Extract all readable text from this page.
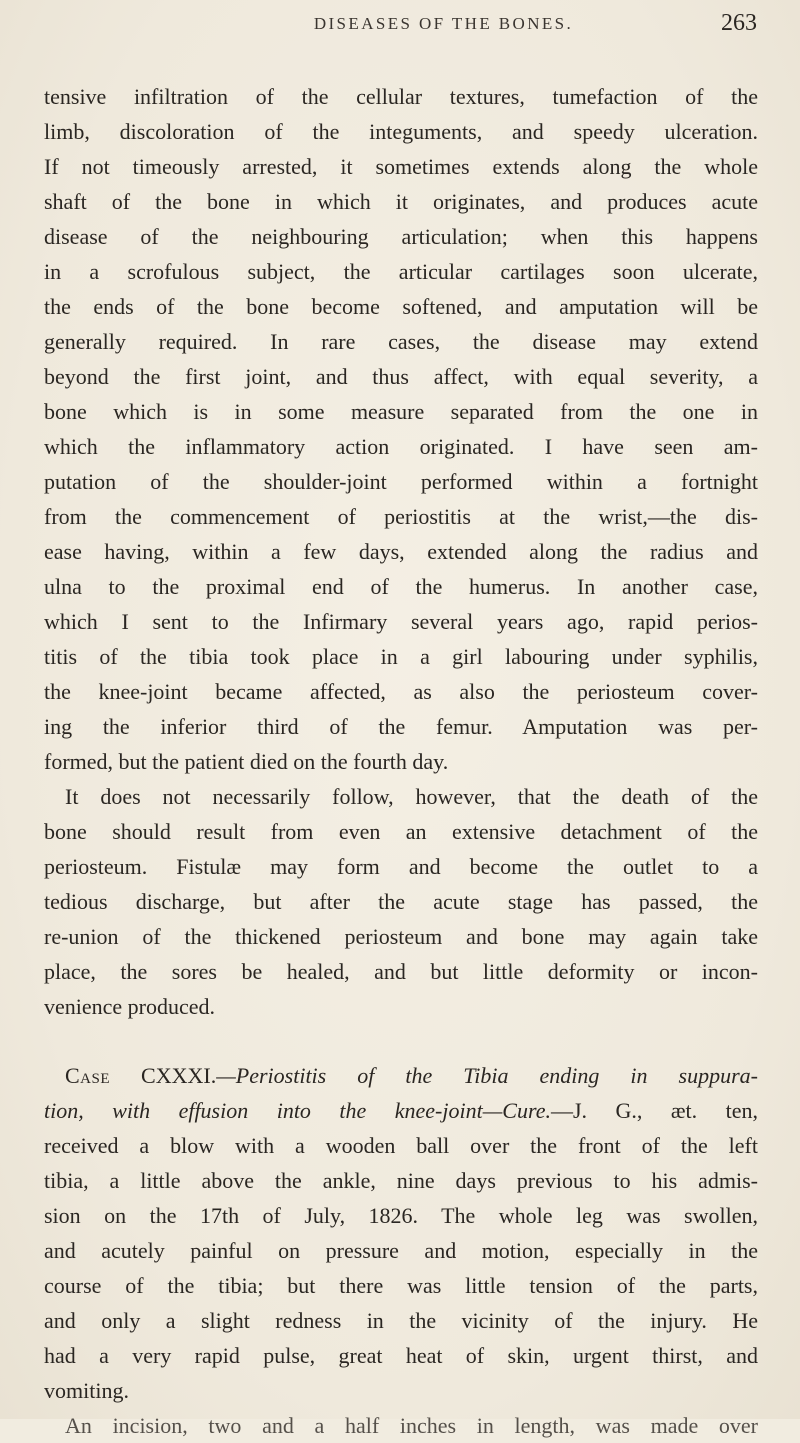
DISEASES OF THE BONES.	263
tensive infiltration of the cellular textures, tumefaction of the
limb, discoloration of the integuments, and speedy ulceration.
If not timeously arrested, it sometimes extends along the whole
shaft of the bone in which it originates, and produces acute
disease of the neighbouring articulation; when this happens
in a scrofulous subject, the articular cartilages soon ulcerate,
the ends of the bone become softened, and amputation will be
generally required. In rare cases, the disease may extend
beyond the first joint, and thus affect, with equal severity, a
bone which is in some measure separated from the one in
which the inflammatory action originated. I have seen am-
putation of the shoulder-joint performed within a fortnight
from the commencement of periostitis at the wrist,—the dis-
ease having, within a few days, extended along the radius and
ulna to the proximal end of the humerus. In another case,
which I sent to the Infirmary several years ago, rapid perios-
titis of the tibia took place in a girl labouring under syphilis,
the knee-joint became affected, as also the periosteum cover-
ing the inferior third of the femur. Amputation was per-
formed, but the patient died on the fourth day.
It does not necessarily follow, however, that the death of the
bone should result from even an extensive detachment of the
periosteum. Fistulæ may form and become the outlet to a
tedious discharge, but after the acute stage has passed, the
re-union of the thickened periosteum and bone may again take
place, the sores be healed, and but little deformity or incon-
venience produced.
Case CXXXI.—Periostitis of the Tibia ending in suppura-
tion, with effusion into the knee-joint—Cure.—J. G., æt. ten,
received a blow with a wooden ball over the front of the left
tibia, a little above the ankle, nine days previous to his admis-
sion on the 17th of July, 1826. The whole leg was swollen,
and acutely painful on pressure and motion, especially in the
course of the tibia; but there was little tension of the parts,
and only a slight redness in the vicinity of the injury. He
had a very rapid pulse, great heat of skin, urgent thirst, and
vomiting.
An incision, two and a half inches in length, was made over
